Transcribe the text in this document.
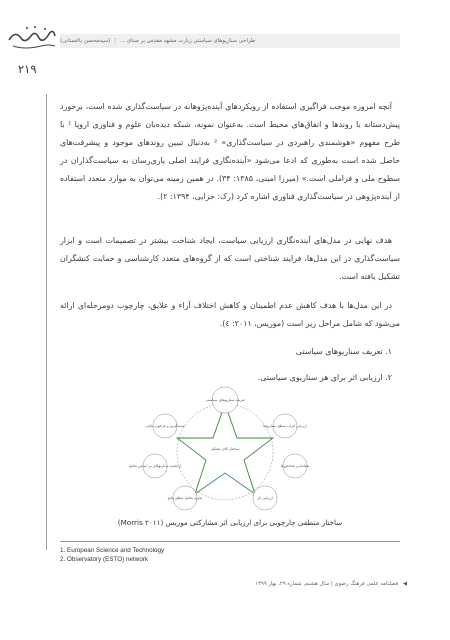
طراحی سناریوهای سیاستی زیارت مشهد مقدس بر مبنای ...
|
(سیدمحسن باغستانی)
۲۱۹

آنچه امروزه موجب فراگیری استفاده از رویکردهای آینده‌پژوهانه در سیاست‌گذاری شده است، برخورد پیش‌دستانه با روندها و اتفاق‌های محیط است. به‌عنوان نمونه، شبکه دیده‌بان علوم و فناوری اروپا ¹ با طرح مفهوم «هوشمندی راهبردی در سیاست‌گذاری» ² به‌دنبال تبیین روندهای موجود و پیشرفت‌های حاصل شده است به‌طوری که ادعا می‌شود «آینده‌نگاری فرایند اصلی یاری‌رسان به سیاست‌گذاران در سطوح ملی و فراملی است.» (میرزا امینی، ۱۳۸۵: ۳۴). در همین زمینه می‌توان به موارد متعدد استفاده از آینده‌پژوهی در سیاست‌گذاری فناوری اشاره کرد (رک: خزایی، ۱۳۹۴: ۲).

هدف نهایی در مدل‌های آینده‌نگاری ارزیابی سیاست، ایجاد شناخت بیشتر در تصمیمات است و ابزار سیاست‌گذاری در این مدل‌ها، فرایند شناختی است که از گروه‌های متعدد کارشناسی و حمایت کنشگران تشکیل یافته است.

در این مدل‌ها با هدف کاهش عدم اطمینان و کاهش اختلاف آراء و علایق، چارچوب دومرحله‌ای ارائه می‌شود که شامل مراحل زیر است (موریس، ۲۰۱۱: ٤).

۱. تعریف سناریوهای سیاستی

۲. ارزیابی اثر برای هر سناریوی سیاستی.

ساختار کلان تشکیل
تعریف سناریوهای سیاستی
ارزیابی اثرات سطح سناریوها
شناسایی شاخص‌ها
ارزیابی اثر
تجزیه تحلیل سطح نتایج
ارجحیت سناریوهای بر اساس تحلیل
نتیجه‌گیری و بازخورد پایانی
ساختار منطقی چارچوبی برای ارزیابی اثر مشارکتی موریس (Morris ۲۰۱۱)
1. European Science and Technology
2. Observatory (ESTO) network
◀ فصلنامه علمی فرهنگ رضوی | سال هشتم، شماره ۲۹، بهار ۱۳۹۹
